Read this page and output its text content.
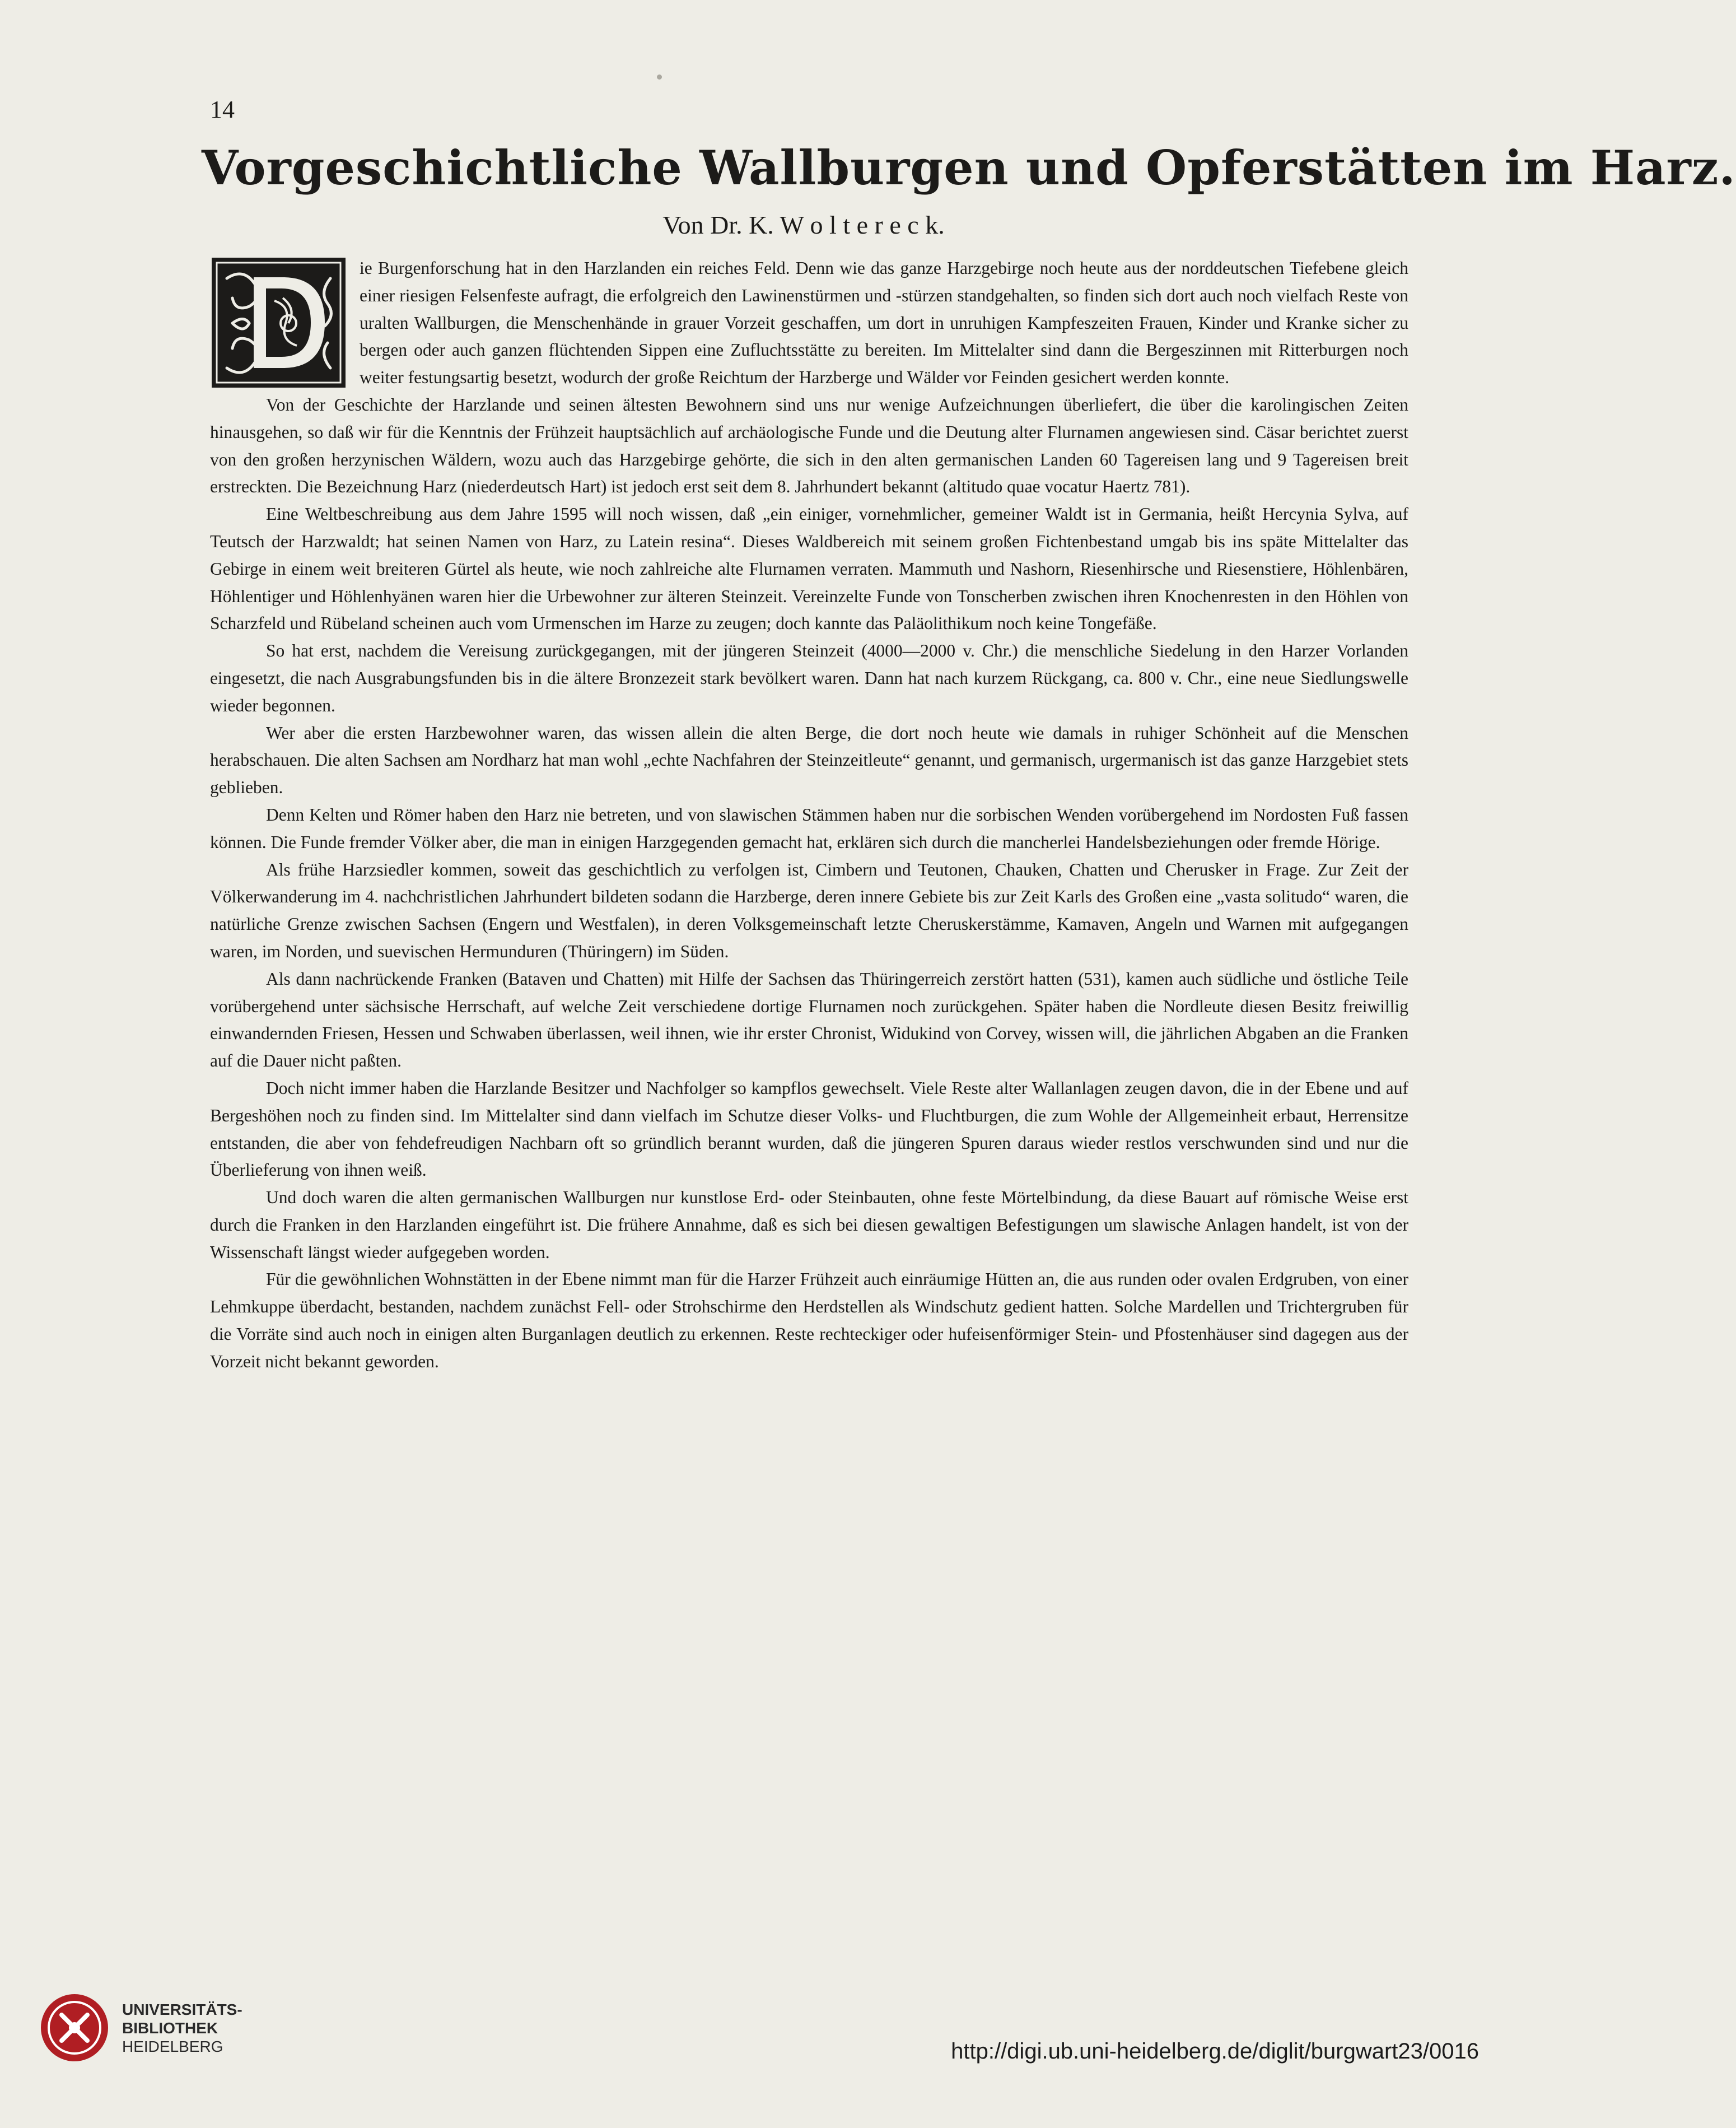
14
Vorgeschichtliche Wallburgen und Opferstätten im Harz.
Von Dr. K. W o l t e r e c k.

ie Burgenforschung hat in den Harzlanden ein reiches Feld. Denn wie das ganze Harzgebirge noch heute aus der norddeutschen Tiefebene gleich einer riesigen Felsenfeste aufragt, die erfolgreich den Lawinenstürmen und -stürzen standgehalten, so finden sich dort auch noch vielfach Reste von uralten Wallburgen, die Menschenhände in grauer Vorzeit geschaffen, um dort in unruhigen Kampfeszeiten Frauen, Kinder und Kranke sicher zu bergen oder auch ganzen flüchtenden Sippen eine Zufluchtsstätte zu bereiten. Im Mittelalter sind dann die Bergeszinnen mit Ritterburgen noch weiter festungsartig besetzt, wodurch der große Reichtum der Harzberge und Wälder vor Feinden gesichert werden konnte.

Von der Geschichte der Harzlande und seinen ältesten Bewohnern sind uns nur wenige Aufzeichnungen überliefert, die über die karolingischen Zeiten hinausgehen, so daß wir für die Kenntnis der Frühzeit hauptsächlich auf archäologische Funde und die Deutung alter Flurnamen angewiesen sind. Cäsar berichtet zuerst von den großen herzynischen Wäldern, wozu auch das Harzgebirge gehörte, die sich in den alten germanischen Landen 60 Tagereisen lang und 9 Tagereisen breit erstreckten. Die Bezeichnung Harz (niederdeutsch Hart) ist jedoch erst seit dem 8. Jahrhundert bekannt (altitudo quae vocatur Haertz 781).

Eine Weltbeschreibung aus dem Jahre 1595 will noch wissen, daß „ein einiger, vornehmlicher, gemeiner Waldt ist in Germania, heißt Hercynia Sylva, auf Teutsch der Harzwaldt; hat seinen Namen von Harz, zu Latein resina“. Dieses Waldbereich mit seinem großen Fichtenbestand umgab bis ins späte Mittelalter das Gebirge in einem weit breiteren Gürtel als heute, wie noch zahlreiche alte Flurnamen verraten. Mammuth und Nashorn, Riesenhirsche und Riesenstiere, Höhlenbären, Höhlentiger und Höhlenhyänen waren hier die Urbewohner zur älteren Steinzeit. Vereinzelte Funde von Tonscherben zwischen ihren Knochenresten in den Höhlen von Scharzfeld und Rübeland scheinen auch vom Urmenschen im Harze zu zeugen; doch kannte das Paläolithikum noch keine Tongefäße.

So hat erst, nachdem die Vereisung zurückgegangen, mit der jüngeren Steinzeit (4000—2000 v. Chr.) die menschliche Siedelung in den Harzer Vorlanden eingesetzt, die nach Ausgrabungsfunden bis in die ältere Bronzezeit stark bevölkert waren. Dann hat nach kurzem Rückgang, ca. 800 v. Chr., eine neue Siedlungswelle wieder begonnen.

Wer aber die ersten Harzbewohner waren, das wissen allein die alten Berge, die dort noch heute wie damals in ruhiger Schönheit auf die Menschen herabschauen. Die alten Sachsen am Nordharz hat man wohl „echte Nachfahren der Steinzeitleute“ genannt, und germanisch, urgermanisch ist das ganze Harzgebiet stets geblieben.

Denn Kelten und Römer haben den Harz nie betreten, und von slawischen Stämmen haben nur die sorbischen Wenden vorübergehend im Nordosten Fuß fassen können. Die Funde fremder Völker aber, die man in einigen Harzgegenden gemacht hat, erklären sich durch die mancherlei Handelsbeziehungen oder fremde Hörige.

Als frühe Harzsiedler kommen, soweit das geschichtlich zu verfolgen ist, Cimbern und Teutonen, Chauken, Chatten und Cherusker in Frage. Zur Zeit der Völkerwanderung im 4. nachchristlichen Jahrhundert bildeten sodann die Harzberge, deren innere Gebiete bis zur Zeit Karls des Großen eine „vasta solitudo“ waren, die natürliche Grenze zwischen Sachsen (Engern und Westfalen), in deren Volksgemeinschaft letzte Cheruskerstämme, Kamaven, Angeln und Warnen mit aufgegangen waren, im Norden, und suevischen Hermunduren (Thüringern) im Süden.

Als dann nachrückende Franken (Bataven und Chatten) mit Hilfe der Sachsen das Thüringerreich zerstört hatten (531), kamen auch südliche und östliche Teile vorübergehend unter sächsische Herrschaft, auf welche Zeit verschiedene dortige Flurnamen noch zurückgehen. Später haben die Nordleute diesen Besitz freiwillig einwandernden Friesen, Hessen und Schwaben überlassen, weil ihnen, wie ihr erster Chronist, Widukind von Corvey, wissen will, die jährlichen Abgaben an die Franken auf die Dauer nicht paßten.

Doch nicht immer haben die Harzlande Besitzer und Nachfolger so kampflos gewechselt. Viele Reste alter Wallanlagen zeugen davon, die in der Ebene und auf Bergeshöhen noch zu finden sind. Im Mittelalter sind dann vielfach im Schutze dieser Volks- und Fluchtburgen, die zum Wohle der Allgemeinheit erbaut, Herrensitze entstanden, die aber von fehdefreudigen Nachbarn oft so gründlich berannt wurden, daß die jüngeren Spuren daraus wieder restlos verschwunden sind und nur die Überlieferung von ihnen weiß.

Und doch waren die alten germanischen Wallburgen nur kunstlose Erd- oder Steinbauten, ohne feste Mörtelbindung, da diese Bauart auf römische Weise erst durch die Franken in den Harzlanden eingeführt ist. Die frühere Annahme, daß es sich bei diesen gewaltigen Befestigungen um slawische Anlagen handelt, ist von der Wissenschaft längst wieder aufgegeben worden.

Für die gewöhnlichen Wohnstätten in der Ebene nimmt man für die Harzer Frühzeit auch einräumige Hütten an, die aus runden oder ovalen Erdgruben, von einer Lehmkuppe überdacht, bestanden, nachdem zunächst Fell- oder Strohschirme den Herdstellen als Windschutz gedient hatten. Solche Mardellen und Trichtergruben für die Vorräte sind auch noch in einigen alten Burganlagen deutlich zu erkennen. Reste rechteckiger oder hufeisenförmiger Stein- und Pfostenhäuser sind dagegen aus der Vorzeit nicht bekannt geworden.

UNIVERSITÄTS-
BIBLIOTHEK
HEIDELBERG	http://digi.ub.uni-heidelberg.de/diglit/burgwart23/0016
